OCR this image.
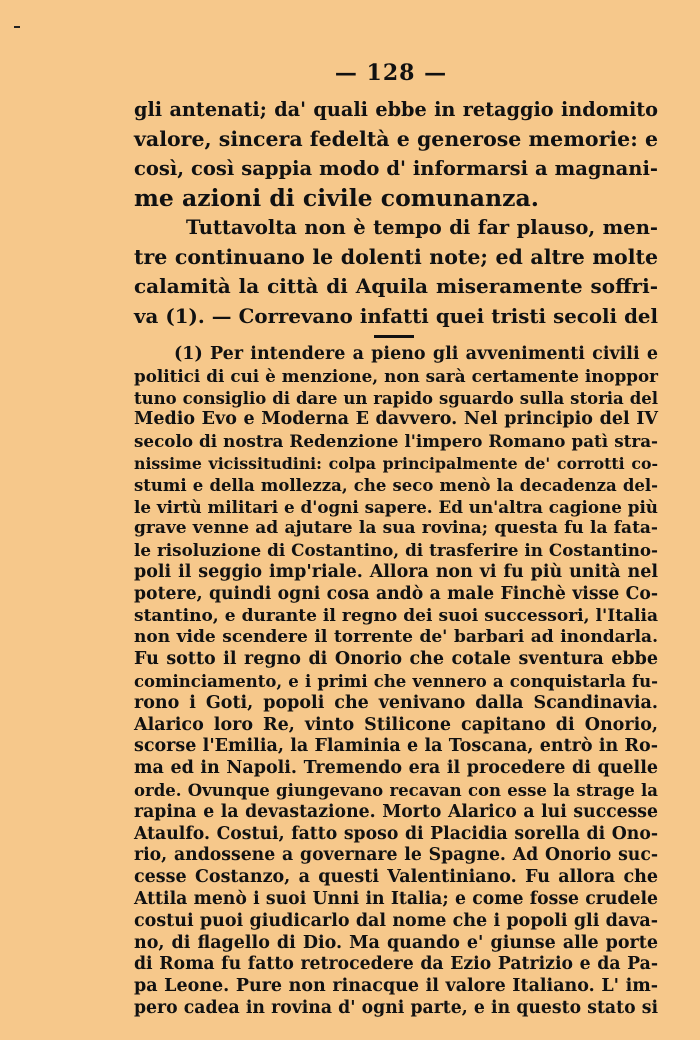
— 128 —
gli antenati; da' quali ebbe in retaggio indomito
valore, sincera fedeltà e generose memorie: e
così, così sappia modo d' informarsi a magnani-
me azioni di civile comunanza.
Tuttavolta non è tempo di far plauso, men-
tre continuano le dolenti note; ed altre molte
calamità la città di Aquila miseramente soffri-
va (1). — Correvano infatti quei tristi secoli del
(1) Per intendere a pieno gli avvenimenti civili e
politici di cui è menzione, non sarà certamente inoppor
tuno consiglio di dare un rapido sguardo sulla storia del
Medio Evo e Moderna E davvero. Nel principio del IV
secolo di nostra Redenzione l'impero Romano patì stra-
nissime vicissitudini: colpa principalmente de' corrotti co-
stumi e della mollezza, che seco menò la decadenza del-
le virtù militari e d'ogni sapere. Ed un'altra cagione più
grave venne ad ajutare la sua rovina; questa fu la fata-
le risoluzione di Costantino, di trasferire in Costantino-
poli il seggio imp'riale. Allora non vi fu più unità nel
potere, quindi ogni cosa andò a male Finchè visse Co-
stantino, e durante il regno dei suoi successori, l'Italia
non vide scendere il torrente de' barbari ad inondarla.
Fu sotto il regno di Onorio che cotale sventura ebbe
cominciamento, e i primi che vennero a conquistarla fu-
rono i Goti, popoli che venivano dalla Scandinavia.
Alarico loro Re, vinto Stilicone capitano di Onorio,
scorse l'Emilia, la Flaminia e la Toscana, entrò in Ro-
ma ed in Napoli. Tremendo era il procedere di quelle
orde. Ovunque giungevano recavan con esse la strage la
rapina e la devastazione. Morto Alarico a lui successe
Ataulfo. Costui, fatto sposo di Placidia sorella di Ono-
rio, andossene a governare le Spagne. Ad Onorio suc-
cesse Costanzo, a questi Valentiniano. Fu allora che
Attila menò i suoi Unni in Italia; e come fosse crudele
costui puoi giudicarlo dal nome che i popoli gli dava-
no, di flagello di Dio. Ma quando e' giunse alle porte
di Roma fu fatto retrocedere da Ezio Patrizio e da Pa-
pa Leone. Pure non rinacque il valore Italiano. L' im-
pero cadea in rovina d' ogni parte, e in questo stato si
